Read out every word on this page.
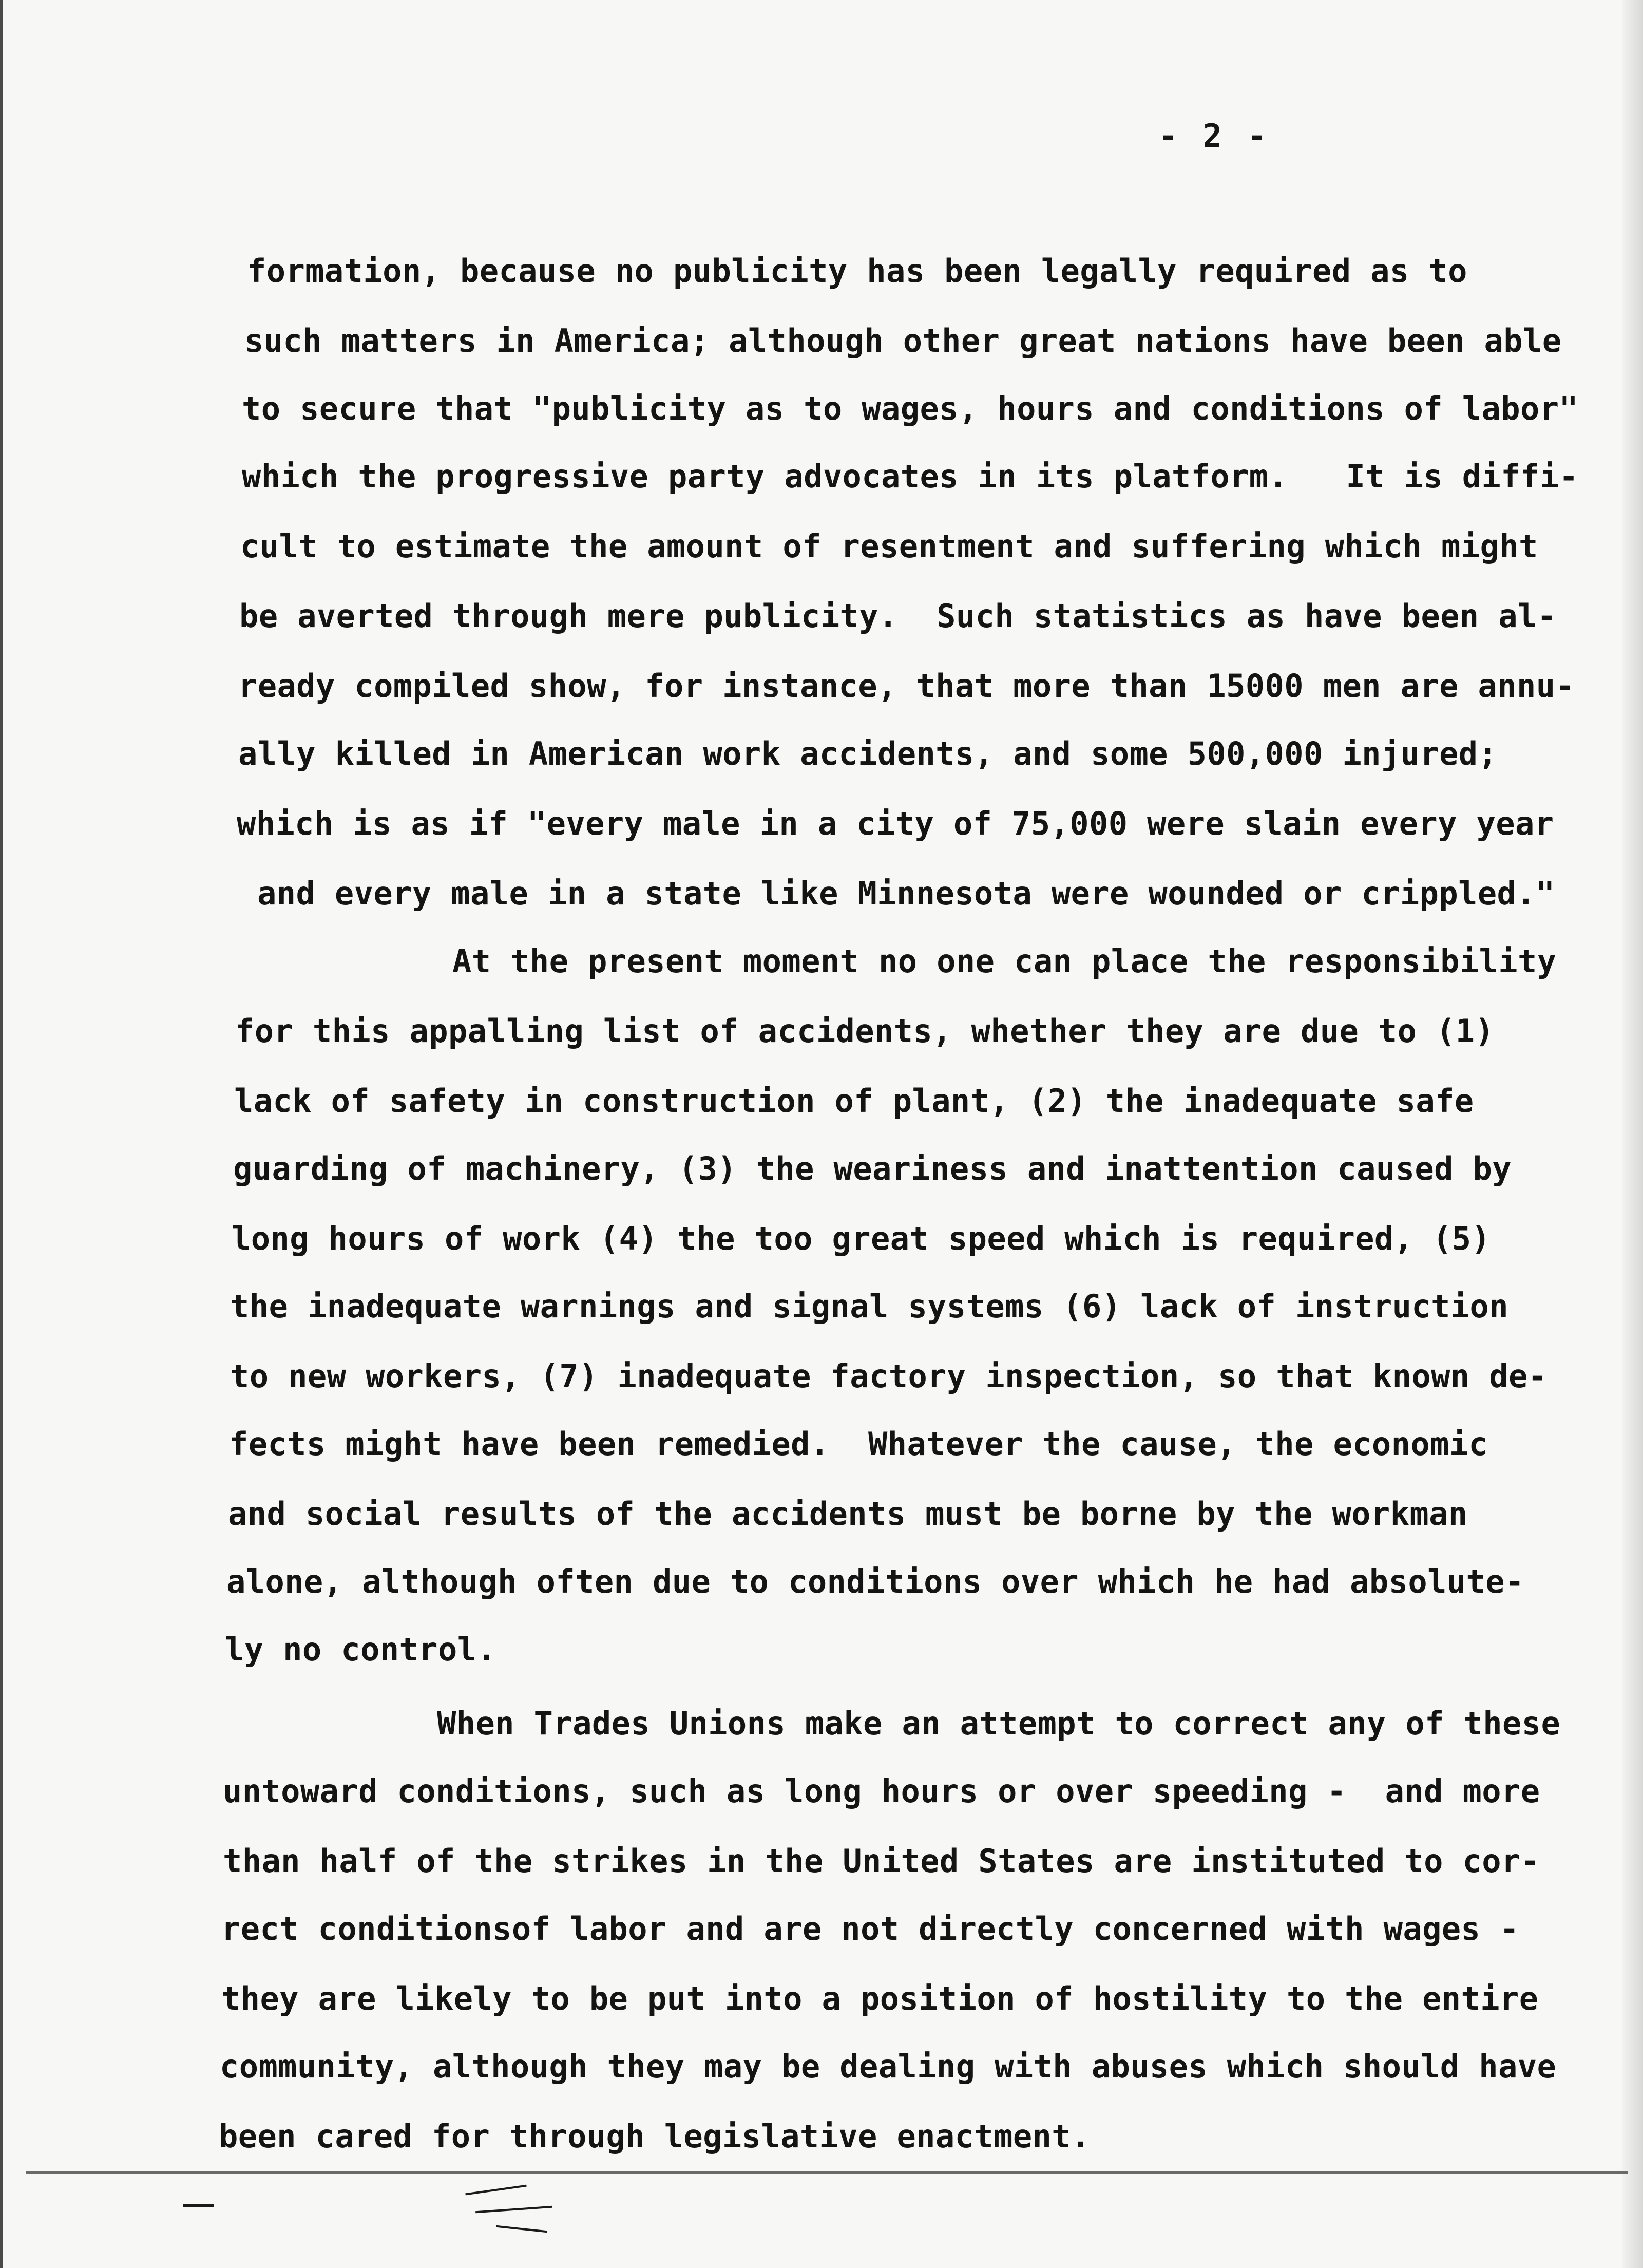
- 2 -
formation, because no publicity has been legally required as to
such matters in America; although other great nations have been able
to secure that "publicity as to wages, hours and conditions of labor"
which the progressive party advocates in its platform.   It is diffi-
cult to estimate the amount of resentment and suffering which might
be averted through mere publicity.  Such statistics as have been al-
ready compiled show, for instance, that more than 15000 men are annu-
ally killed in American work accidents, and some 500,000 injured;
which is as if "every male in a city of 75,000 were slain every year
and every male in a state like Minnesota were wounded or crippled."
At the present moment no one can place the responsibility
for this appalling list of accidents, whether they are due to (1)
lack of safety in construction of plant, (2) the inadequate safe
guarding of machinery, (3) the weariness and inattention caused by
long hours of work (4) the too great speed which is required, (5)
the inadequate warnings and signal systems (6) lack of instruction
to new workers, (7) inadequate factory inspection, so that known de-
fects might have been remedied.  Whatever the cause, the economic
and social results of the accidents must be borne by the workman
alone, although often due to conditions over which he had absolute-
ly no control.
When Trades Unions make an attempt to correct any of these
untoward conditions, such as long hours or over speeding -  and more
than half of the strikes in the United States are instituted to cor-
rect conditionsof labor and are not directly concerned with wages -
they are likely to be put into a position of hostility to the entire
community, although they may be dealing with abuses which should have
been cared for through legislative enactment.
